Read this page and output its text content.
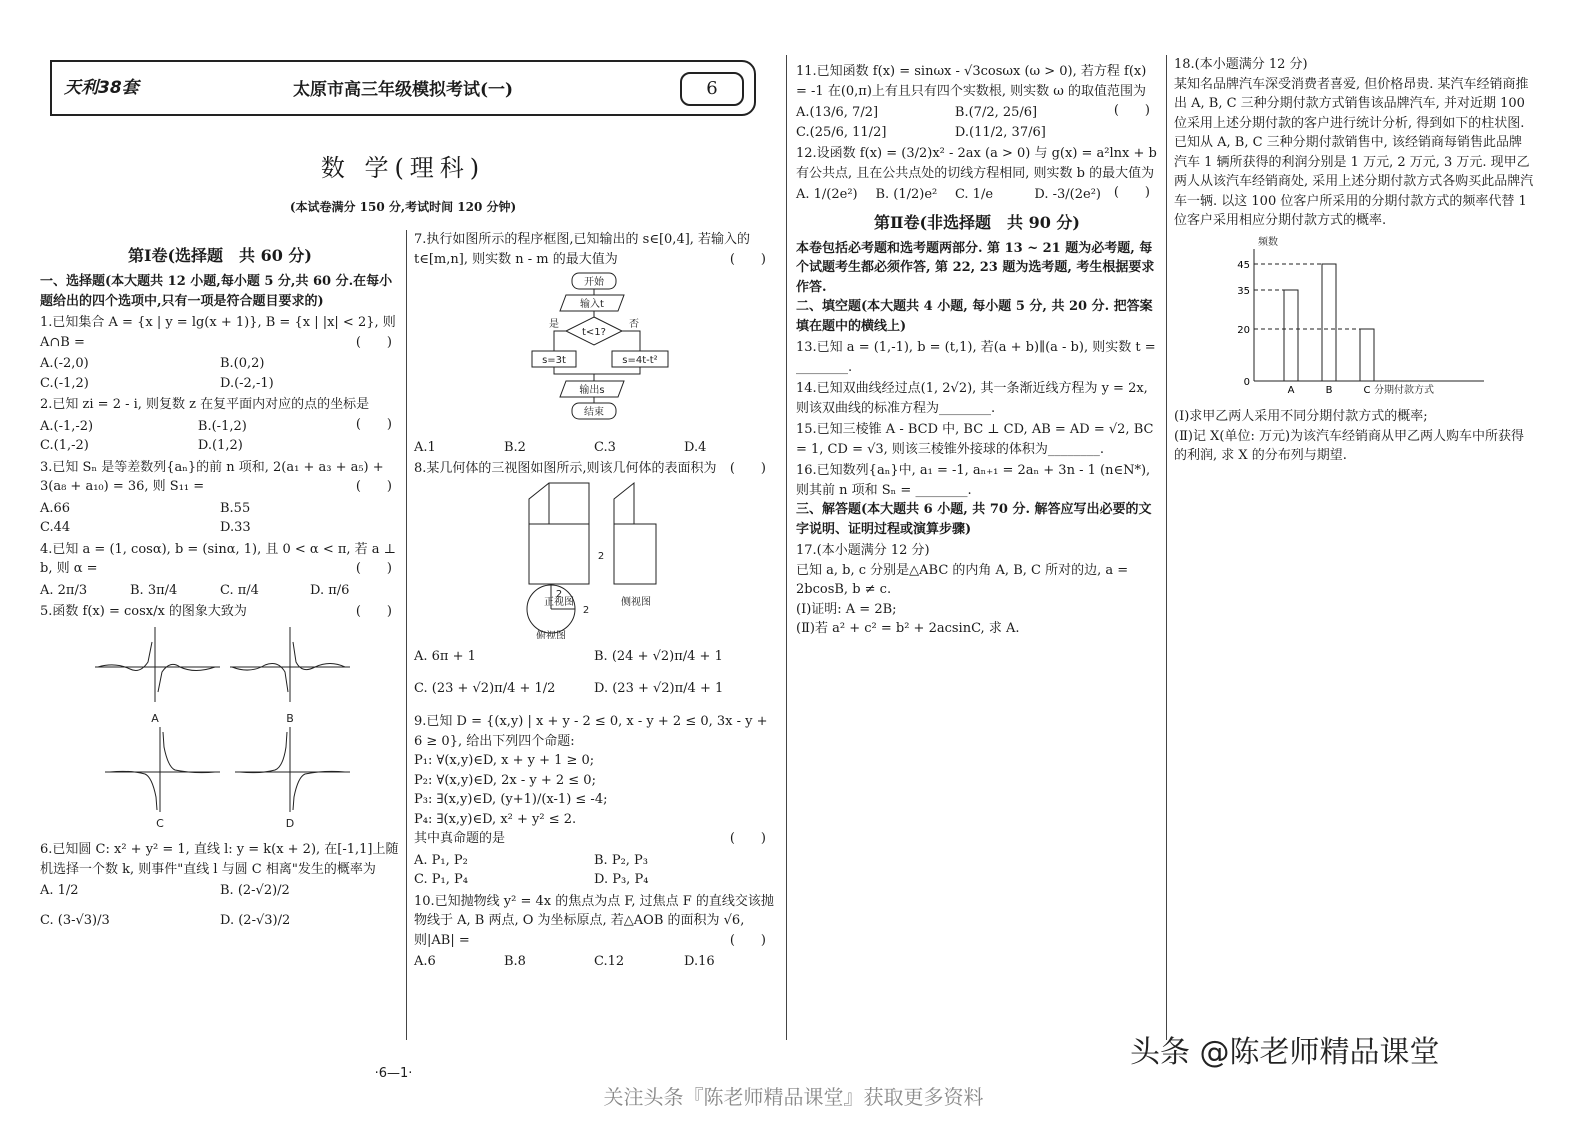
天利38套	太原市高三年级模拟考试(一)	6
数 学(理科)
(本试卷满分 150 分,考试时间 120 分钟)
第Ⅰ卷(选择题　共 60 分)
一、选择题(本大题共 12 小题,每小题 5 分,共 60 分.在每小题给出的四个选项中,只有一项是符合题目要求的)
1.已知集合 A = {x | y = lg(x + 1)}, B = {x | |x| < 2}, 则 A∩B =	(　　)
A.(-2,0)	B.(0,2)
C.(-1,2)	D.(-2,-1)
2.已知 zi = 2 - i, 则复数 z 在复平面内对应的点的坐标是
(　　)
A.(-1,-2)	B.(-1,2)
C.(1,-2)	D.(1,2)
3.已知 Sₙ 是等差数列{aₙ}的前 n 项和, 2(a₁ + a₃ + a₅) + 3(a₈ + a₁₀) = 36, 则 S₁₁ =	(　　)
A.66	B.55
C.44	D.33
4.已知 a = (1, cosα), b = (sinα, 1), 且 0 < α < π, 若 a ⊥ b, 则 α =	(　　)
A. 2π/3	B. 3π/4	C. π/4	D. π/6
5.函数 f(x) = cosx/x 的图象大致为	(　　)
A	B
C	D
6.已知圆 C: x² + y² = 1, 直线 l: y = k(x + 2), 在[-1,1]上随机选择一个数 k, 则事件"直线 l 与圆 C 相离"发生的概率为
A. 1/2	B. (2-√2)/2
C. (3-√3)/3	D. (2-√3)/2
7.执行如图所示的程序框图,已知输出的 s∈[0,4], 若输入的 t∈[m,n], 则实数 n - m 的最大值为	(　　)
开始
输入t
t<1?
是	否
s=3t	s=4t-t²
输出s
结束
A.1	B.2	C.3	D.4
8.某几何体的三视图如图所示,则该几何体的表面积为 (　　)
正视图	侧视图
俯视图
2
2
2
A. 6π + 1	B. (24 + √2)π/4 + 1
C. (23 + √2)π/4 + 1/2	D. (23 + √2)π/4 + 1
9.已知 D = {(x,y) | x + y - 2 ≤ 0, x - y + 2 ≤ 0, 3x - y + 6 ≥ 0}, 给出下列四个命题:
P₁: ∀(x,y)∈D, x + y + 1 ≥ 0;
P₂: ∀(x,y)∈D, 2x - y + 2 ≤ 0;
P₃: ∃(x,y)∈D, (y+1)/(x-1) ≤ -4;
P₄: ∃(x,y)∈D, x² + y² ≤ 2.
其中真命题的是	(　　)
A. P₁, P₂	B. P₂, P₃
C. P₁, P₄	D. P₃, P₄
10.已知抛物线 y² = 4x 的焦点为点 F, 过焦点 F 的直线交该抛物线于 A, B 两点, O 为坐标原点, 若△AOB 的面积为 √6, 则|AB| =	(　　)
A.6	B.8	C.12	D.16
11.已知函数 f(x) = sinωx - √3cosωx (ω > 0), 若方程 f(x) = -1 在(0,π)上有且只有四个实数根, 则实数 ω 的取值范围为
(　　)
A.(13/6, 7/2]	B.(7/2, 25/6]
C.(25/6, 11/2]	D.(11/2, 37/6]
12.设函数 f(x) = (3/2)x² - 2ax (a > 0) 与 g(x) = a²lnx + b 有公共点, 且在公共点处的切线方程相同, 则实数 b 的最大值为
(　　)
A. 1/(2e²)	B. (1/2)e²	C. 1/e	D. -3/(2e²)
第Ⅱ卷(非选择题　共 90 分)
本卷包括必考题和选考题两部分. 第 13 ~ 21 题为必考题, 每个试题考生都必须作答, 第 22, 23 题为选考题, 考生根据要求作答.
二、填空题(本大题共 4 小题, 每小题 5 分, 共 20 分. 把答案填在题中的横线上)
13.已知 a = (1,-1), b = (t,1), 若(a + b)∥(a - b), 则实数 t = ________.
14.已知双曲线经过点(1, 2√2), 其一条渐近线方程为 y = 2x, 则该双曲线的标准方程为________.
15.已知三棱锥 A - BCD 中, BC ⊥ CD, AB = AD = √2, BC = 1, CD = √3, 则该三棱锥外接球的体积为________.
16.已知数列{aₙ}中, a₁ = -1, aₙ₊₁ = 2aₙ + 3n - 1 (n∈N*), 则其前 n 项和 Sₙ = ________.
三、解答题(本大题共 6 小题, 共 70 分. 解答应写出必要的文字说明、证明过程或演算步骤)
17.(本小题满分 12 分)
已知 a, b, c 分别是△ABC 的内角 A, B, C 所对的边, a = 2bcosB, b ≠ c.
(Ⅰ)证明: A = 2B;
(Ⅱ)若 a² + c² = b² + 2acsinC, 求 A.
18.(本小题满分 12 分)
某知名品牌汽车深受消费者喜爱, 但价格昂贵. 某汽车经销商推出 A, B, C 三种分期付款方式销售该品牌汽车, 并对近期 100 位采用上述分期付款的客户进行统计分析, 得到如下的柱状图. 已知从 A, B, C 三种分期付款销售中, 该经销商每销售此品牌汽车 1 辆所获得的利润分别是 1 万元, 2 万元, 3 万元. 现甲乙两人从该汽车经销商处, 采用上述分期付款方式各购买此品牌汽车一辆. 以这 100 位客户所采用的分期付款方式的频率代替 1 位客户采用相应分期付款方式的概率.
频数
分期付款方式
A	B	C
0
20
35
45
(Ⅰ)求甲乙两人采用不同分期付款方式的概率;
(Ⅱ)记 X(单位: 万元)为该汽车经销商从甲乙两人购车中所获得的利润, 求 X 的分布列与期望.
·6—1·
头条 @陈老师精品课堂
关注头条『陈老师精品课堂』获取更多资料
